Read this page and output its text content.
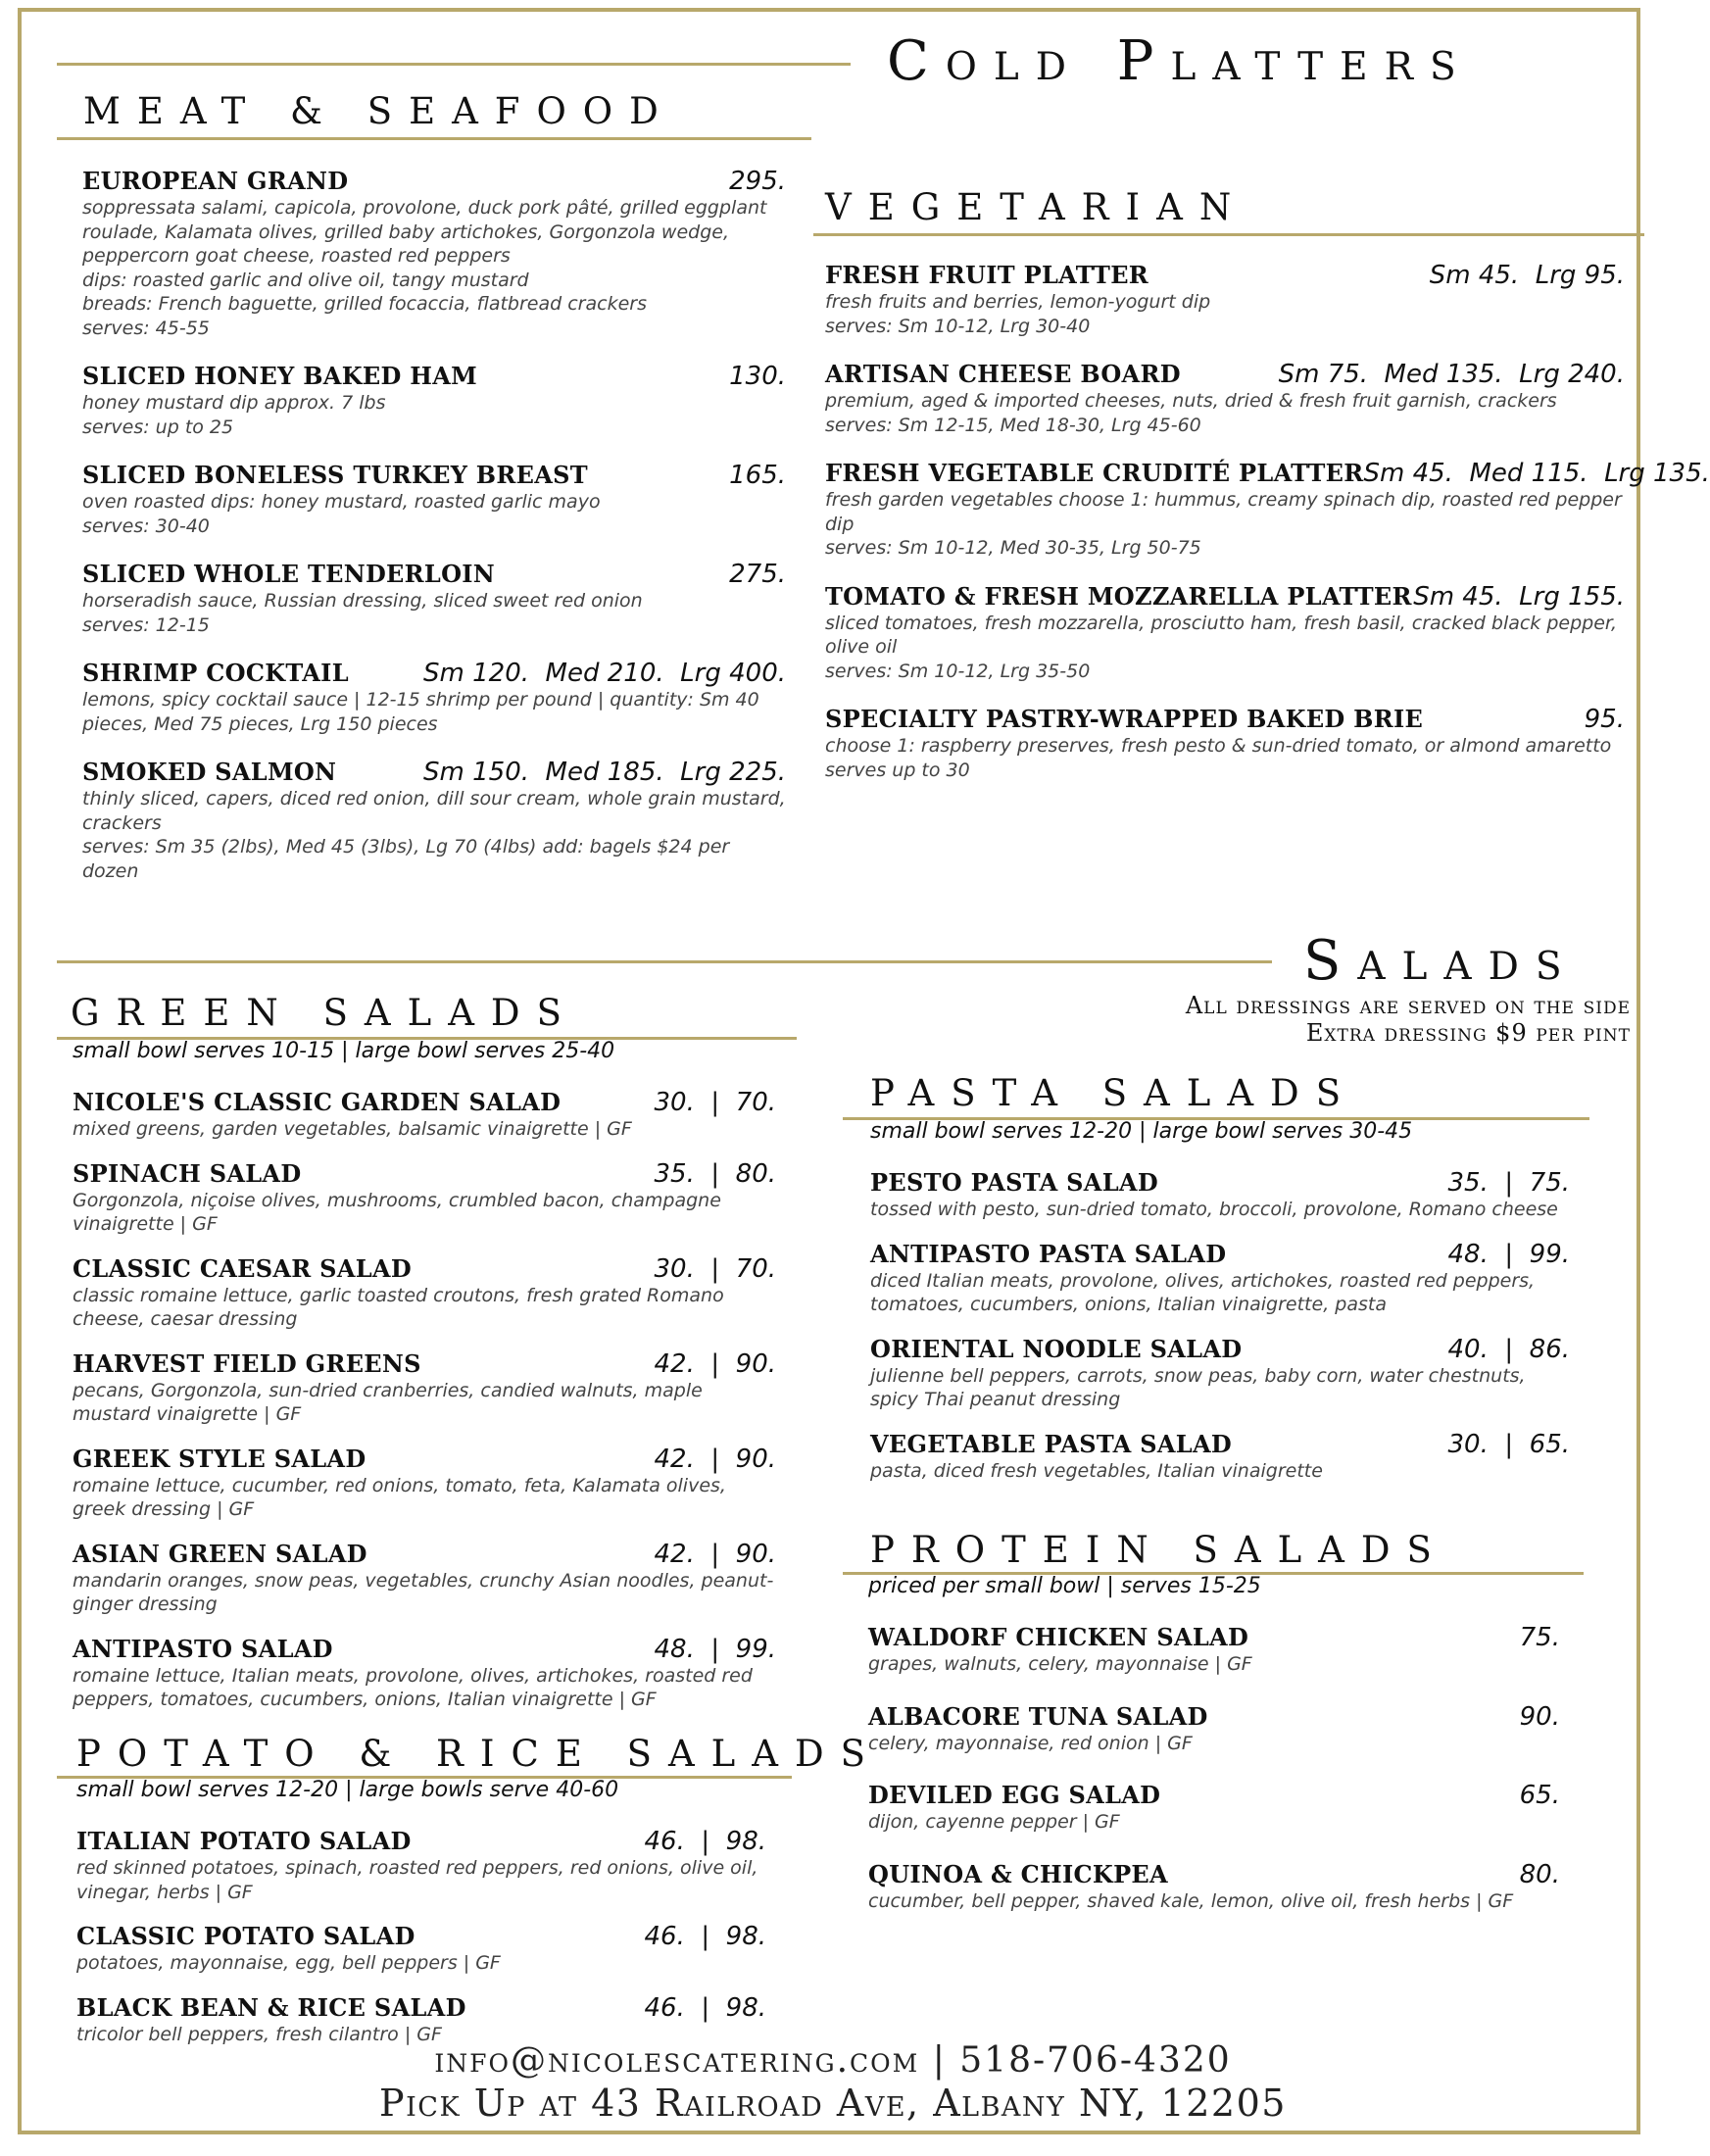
Cold Platters
MEAT & SEAFOOD
VEGETARIAN
EUROPEAN GRAND	295.
soppressata salami, capicola, provolone, duck pork pâté, grilled eggplant roulade, Kalamata olives, grilled baby artichokes, Gorgonzola wedge, peppercorn goat cheese, roasted red peppers
dips: roasted garlic and olive oil, tangy mustard
breads: French baguette, grilled focaccia, flatbread crackers
serves: 45-55
SLICED HONEY BAKED HAM	130.
honey mustard dip approx. 7 lbs
serves: up to 25
SLICED BONELESS TURKEY BREAST	165.
oven roasted dips: honey mustard, roasted garlic mayo
serves: 30-40
SLICED WHOLE TENDERLOIN	275.
horseradish sauce, Russian dressing, sliced sweet red onion
serves: 12-15
SHRIMP COCKTAIL	Sm 120.  Med 210.  Lrg 400.
lemons, spicy cocktail sauce | 12-15 shrimp per pound | quantity: Sm 40 pieces, Med 75 pieces, Lrg 150 pieces
SMOKED SALMON	Sm 150.  Med 185.  Lrg 225.
thinly sliced, capers, diced red onion, dill sour cream, whole grain mustard, crackers
serves: Sm 35 (2lbs), Med 45 (3lbs), Lg 70 (4lbs) add: bagels $24 per dozen
FRESH FRUIT PLATTER	Sm 45.  Lrg 95.
fresh fruits and berries, lemon-yogurt dip
serves: Sm 10-12, Lrg 30-40
ARTISAN CHEESE BOARD	Sm 75.  Med 135.  Lrg 240.
premium, aged & imported cheeses, nuts, dried & fresh fruit garnish, crackers
serves: Sm 12-15, Med 18-30, Lrg 45-60
FRESH VEGETABLE CRUDITÉ PLATTER Sm 45.  Med 115.  Lrg 135.
fresh garden vegetables choose 1: hummus, creamy spinach dip, roasted red pepper dip
serves: Sm 10-12, Med 30-35, Lrg 50-75
TOMATO & FRESH MOZZARELLA PLATTER Sm 45.  Lrg 155.
sliced tomatoes, fresh mozzarella, prosciutto ham, fresh basil, cracked black pepper, olive oil
serves: Sm 10-12, Lrg 35-50
SPECIALTY PASTRY-WRAPPED BAKED BRIE	95.
choose 1: raspberry preserves, fresh pesto & sun-dried tomato, or almond amaretto
serves up to 30
Salads
All dressings are served on the side
Extra dressing $9 per pint
GREEN SALADS
small bowl serves 10-15 | large bowl serves 25-40
NICOLE'S CLASSIC GARDEN SALAD	30.  |  70.
mixed greens, garden vegetables, balsamic vinaigrette | GF
SPINACH SALAD	35.  |  80.
Gorgonzola, niçoise olives, mushrooms, crumbled bacon, champagne vinaigrette | GF
CLASSIC CAESAR SALAD	30.  |  70.
classic romaine lettuce, garlic toasted croutons, fresh grated Romano cheese, caesar dressing
HARVEST FIELD GREENS	42.  |  90.
pecans, Gorgonzola, sun-dried cranberries, candied walnuts, maple mustard vinaigrette | GF
GREEK STYLE SALAD	42.  |  90.
romaine lettuce, cucumber, red onions, tomato, feta, Kalamata olives, greek dressing | GF
ASIAN GREEN SALAD	42.  |  90.
mandarin oranges, snow peas, vegetables, crunchy Asian noodles, peanut-ginger dressing
ANTIPASTO SALAD	48.  |  99.
romaine lettuce, Italian meats, provolone, olives, artichokes, roasted red peppers, tomatoes, cucumbers, onions, Italian vinaigrette | GF
POTATO & RICE SALADS
small bowl serves 12-20 | large bowls serve 40-60
ITALIAN POTATO SALAD	46.  |  98.
red skinned potatoes, spinach, roasted red peppers, red onions, olive oil, vinegar, herbs | GF
CLASSIC POTATO SALAD	46.  |  98.
potatoes, mayonnaise, egg, bell peppers | GF
BLACK BEAN & RICE SALAD	46.  |  98.
tricolor bell peppers, fresh cilantro | GF
PASTA SALADS
small bowl serves 12-20 | large bowl serves 30-45
PESTO PASTA SALAD	35.  |  75.
tossed with pesto, sun-dried tomato, broccoli, provolone, Romano cheese
ANTIPASTO PASTA SALAD	48.  |  99.
diced Italian meats, provolone, olives, artichokes, roasted red peppers, tomatoes, cucumbers, onions, Italian vinaigrette, pasta
ORIENTAL NOODLE SALAD	40.  |  86.
julienne bell peppers, carrots, snow peas, baby corn, water chestnuts, spicy Thai peanut dressing
VEGETABLE PASTA SALAD	30.  |  65.
pasta, diced fresh vegetables, Italian vinaigrette
PROTEIN SALADS
priced per small bowl | serves 15-25
WALDORF CHICKEN SALAD	75.
grapes, walnuts, celery, mayonnaise | GF
ALBACORE TUNA SALAD	90.
celery, mayonnaise, red onion | GF
DEVILED EGG SALAD	65.
dijon, cayenne pepper | GF
QUINOA & CHICKPEA	80.
cucumber, bell pepper, shaved kale, lemon, olive oil, fresh herbs | GF
info@nicolescatering.com | 518-706-4320
Pick Up at 43 Railroad Ave, Albany NY, 12205
